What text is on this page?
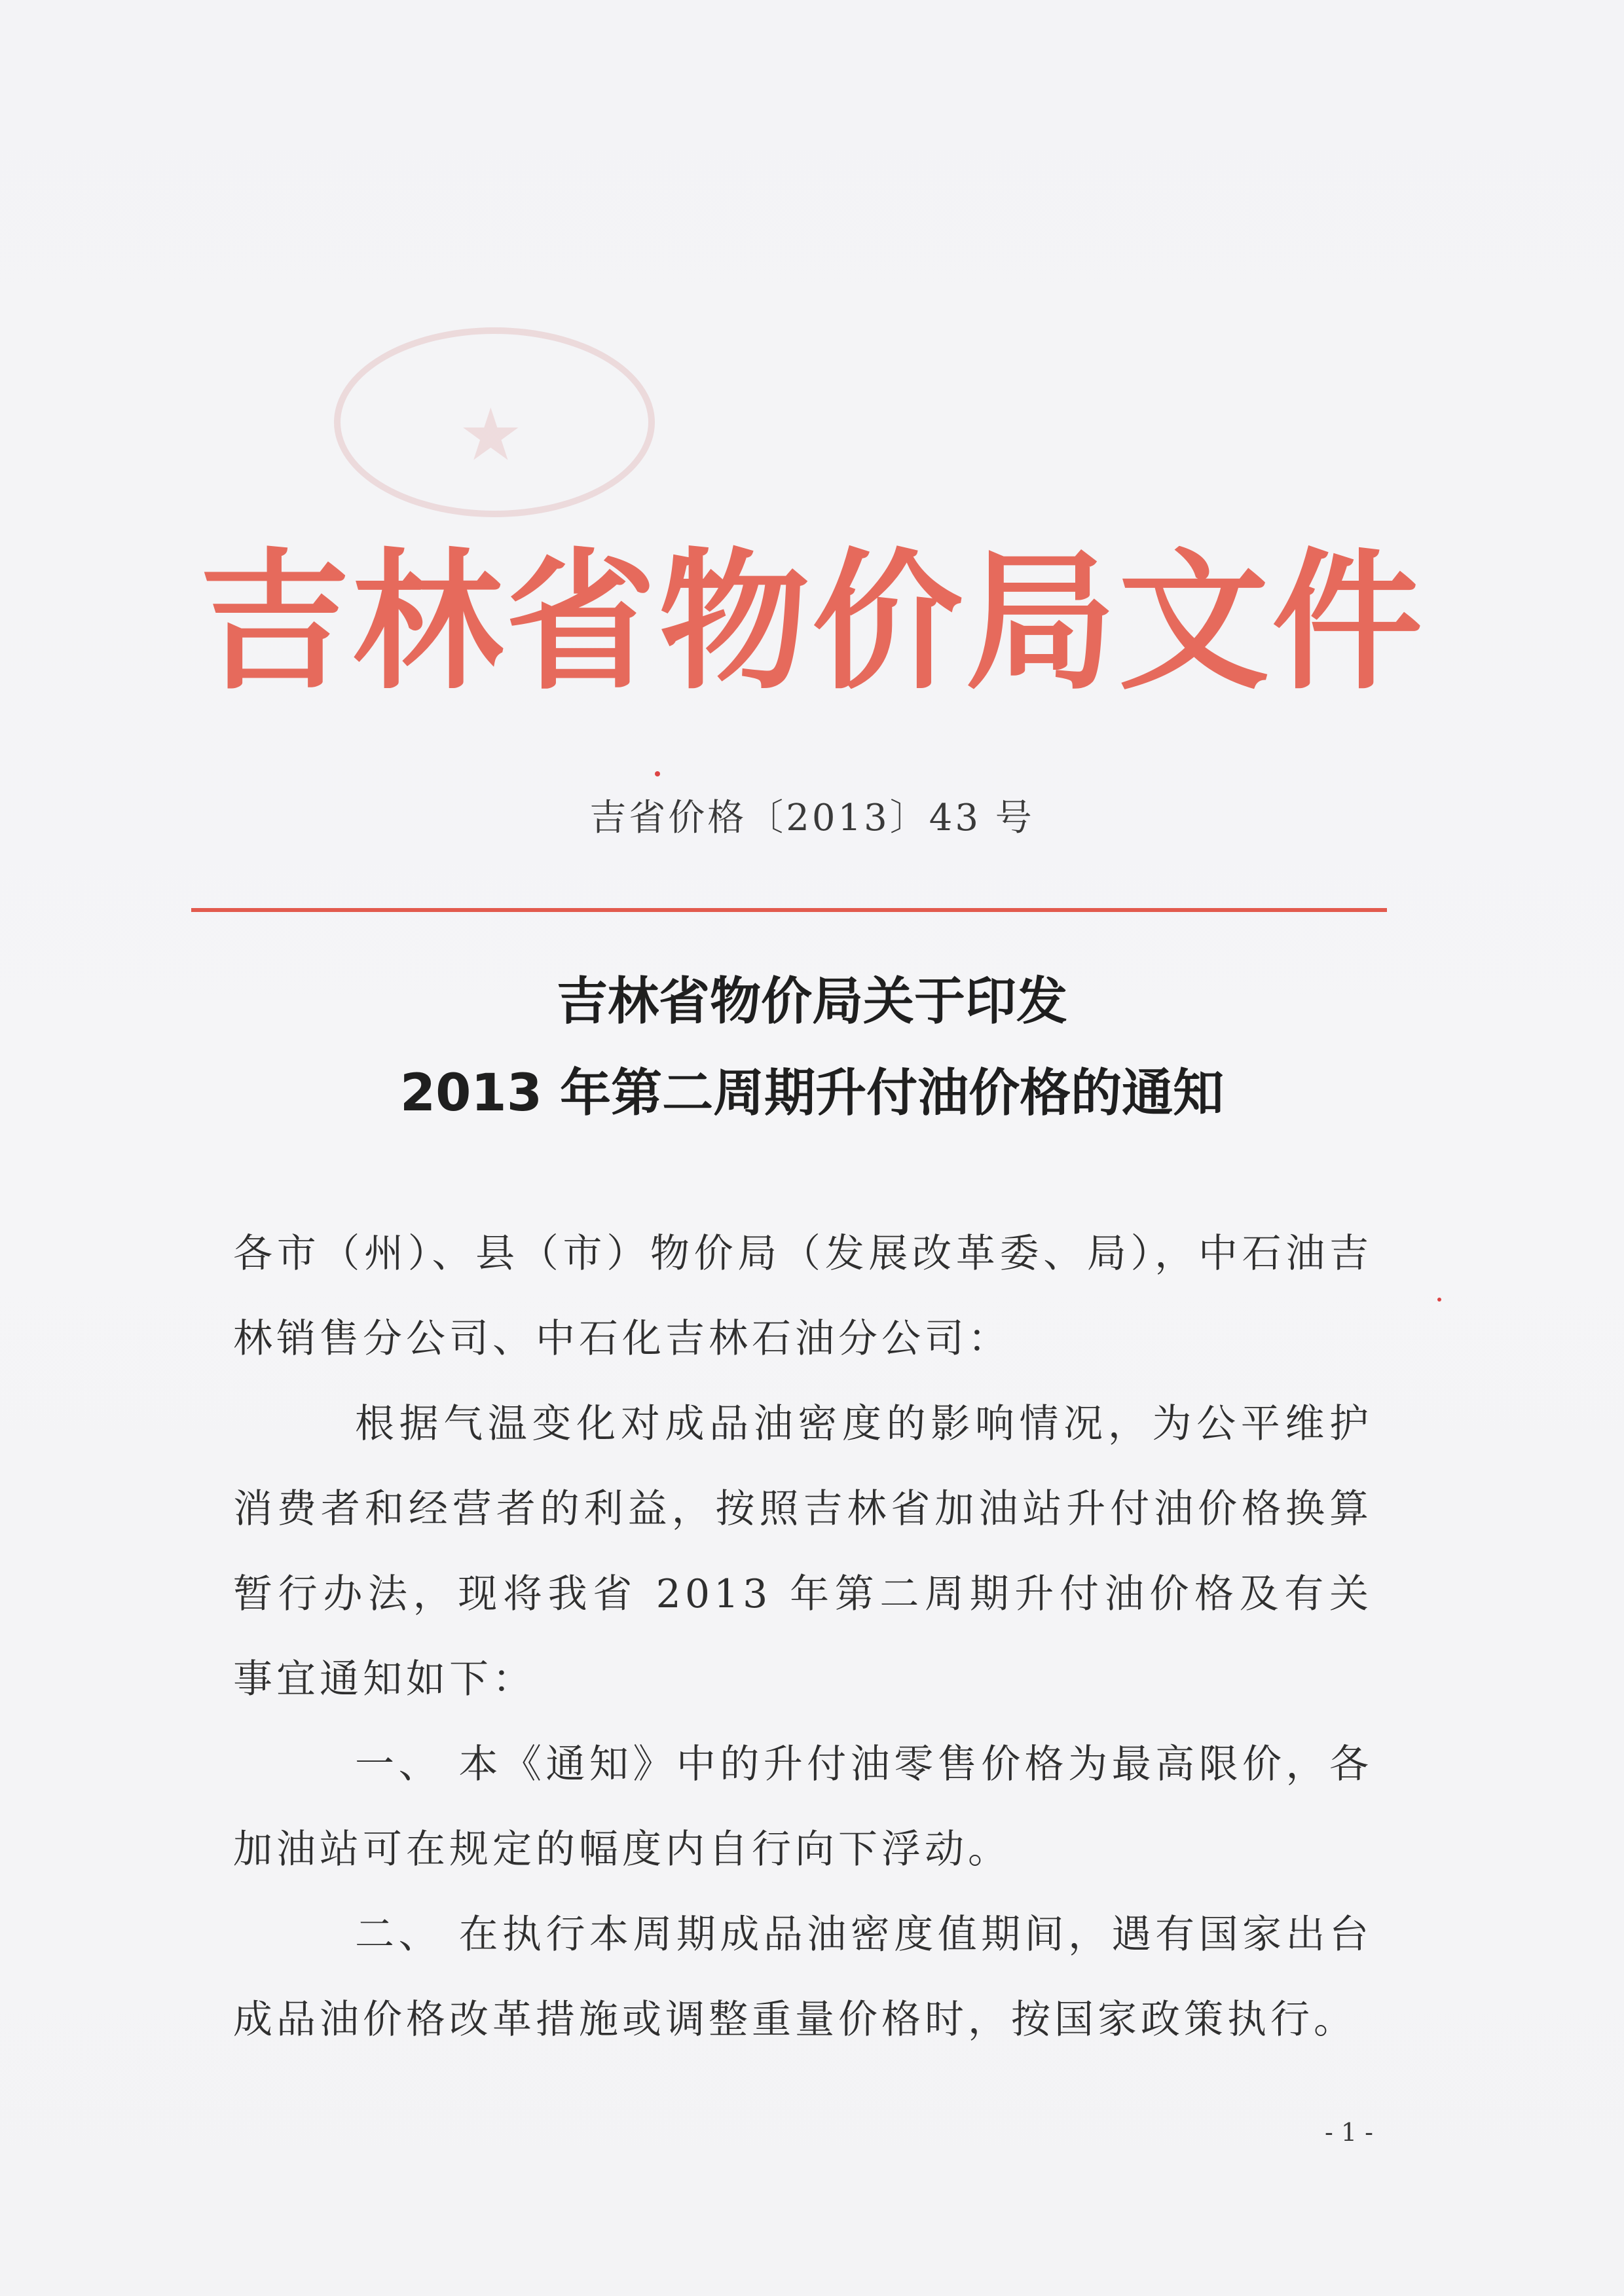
★
吉林省物价局文件
吉省价格〔2013〕43 号
吉林省物价局关于印发
2013 年第二周期升付油价格的通知

各市（州）、县（市）物价局（发展改革委、局），中石油吉林销售分公司、中石化吉林石油分公司：

根据气温变化对成品油密度的影响情况，为公平维护消费者和经营者的利益，按照吉林省加油站升付油价格换算暂行办法，现将我省 2013 年第二周期升付油价格及有关事宜通知如下：

一、 本《通知》中的升付油零售价格为最高限价，各加油站可在规定的幅度内自行向下浮动。

二、 在执行本周期成品油密度值期间，遇有国家出台成品油价格改革措施或调整重量价格时，按国家政策执行。

- 1 -
